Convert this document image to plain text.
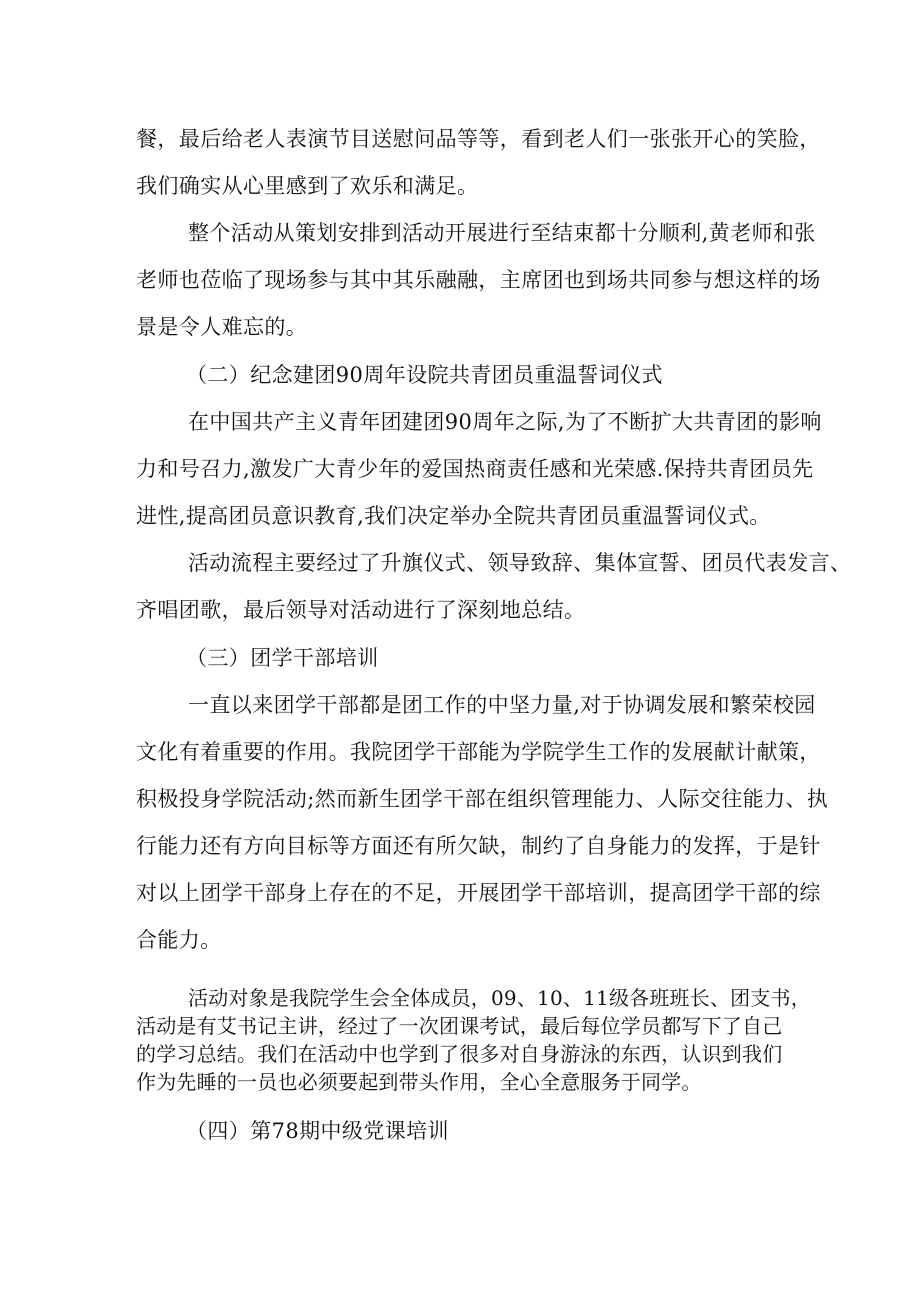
餐，最后给老人表演节目送慰问品等等，看到老人们一张张开心的笑脸，
我们确实从心里感到了欢乐和满足。
整个活动从策划安排到活动开展进行至结束都十分顺利,黄老师和张
老师也莅临了现场参与其中其乐融融，主席团也到场共同参与想这样的场
景是令人难忘的。
（二）纪念建团90周年设院共青团员重温誓词仪式
在中国共产主义青年团建团90周年之际,为了不断扩大共青团的影响
力和号召力,激发广大青少年的爱国热商责任感和光荣感.保持共青团员先
进性,提高团员意识教育,我们决定举办全院共青团员重温誓词仪式。
活动流程主要经过了升旗仪式、领导致辞、集体宣誓、团员代表发言、
齐唱团歌，最后领导对活动进行了深刻地总结。
（三）团学干部培训
一直以来团学干部都是团工作的中坚力量,对于协调发展和繁荣校园
文化有着重要的作用。我院团学干部能为学院学生工作的发展献计献策，
积极投身学院活动;然而新生团学干部在组织管理能力、人际交往能力、执
行能力还有方向目标等方面还有所欠缺，制约了自身能力的发挥，于是针
对以上团学干部身上存在的不足，开展团学干部培训，提高团学干部的综
合能力。
活动对象是我院学生会全体成员，09、10、11级各班班长、团支书，
活动是有艾书记主讲，经过了一次团课考试，最后每位学员都写下了自己
的学习总结。我们在活动中也学到了很多对自身游泳的东西，认识到我们
作为先睡的一员也必须要起到带头作用，全心全意服务于同学。
（四）第78期中级党课培训
